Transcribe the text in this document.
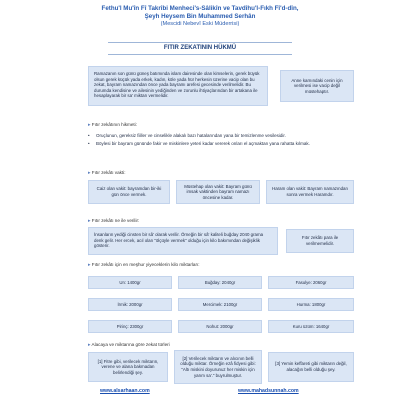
Fethu'l Mu'în Fî Takrîbi Menheci's-Sâlikîn ve Tavdîhu'l-Fıkh Fî'd-dîn,
Şeyh Heysem Bin Muhammed Serhân
(Mescidi Nebevî Eski Müderrisi)
FITIR ZEKATININ HÜKMÜ
Ramazanın son günü güneş batımında islam dairesinde olan kimselerin, gerek büyük olsun gerek küçük yada erkek, kadın, köle yada hür herkesin üzerine vacip olan bu zekat, bayram namazından önce yada bayramı arefesi gecesinde verilmelidir. Bu durumda kendisine ve ailesinin yediğinden ve zorunlu ihtiyaçlarından bir artakana ile hesaplayarak bir sa' miktarı vermelidir.
Anne karnındaki cenin için verilmesi ise vacip değil müstehaptır.
▸ Fıtır zekâtının hikmeti:
• Oruçlunun, gereksiz fiiller ve cinselikle alakalı bazı hatalarından yana bir temizlenme vesilesidir.
• Böylesi bir bayram gününde fakir ve miskinlere yeteri kadar vererek onları el açmaktan yana rahatta kılmak.
▸ Fıtır zekâtı vakti:
Caiz olan vakit: bayramdan bir-iki gün önce vermek.
Müstehap olan vakit: Bayram günü imsak vaktinden bayram namazı öncesine kadar.
Haram olan vakit: Bayram namazından sonra vermek Haramdır.
▸ Fıtır zekâtı ne ile verilir:
İnsanların yediği cinsten bir sâ' olarak verilir. Örneğin bir sâ' kaliteli buğday 2040 grama denk gelir. Her ercek, acıl olan "ölçüyle vermek" olduğu için kilo bakımından değişiklik gösterir.
Fıtır zekâtı para ile verilmemelidir.
▸ Fıtır zekâtı için en meşhur yiyeceklerin kilo miktarları:
Un: 1400gr	Buğday: 2040gr	Fasulye: 2060gr
İrmik: 2000gr	Mercimek: 2100gr	Hurma: 1800gr
Pirinç: 2300gr	Nohut: 2000gr	Kuru üzüm: 1640gr
▸ Alacaya ve miktarına göre zekat türleri
[1] Fitre gibi, verilecek miktarın, verene ve alana bakmadan belirlendiği şey.
[2] Verilecek miktarın ve alıcının belli olduğu miktar. Örneğin ezâ fidyesi gibi: "Altı miskini doyurunuz her miskin için yarım sa'." buyrulmuştur.
[3] Yemin keffareti gibi miktarın değil, alacağın belli olduğu şey.
www.alsarhaan.com	www.mahadsunnah.com
